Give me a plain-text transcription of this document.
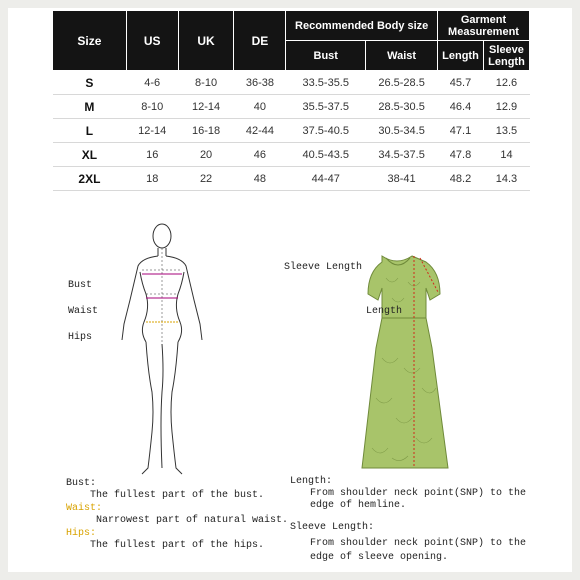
Size	US	UK	DE	Recommended Body size		Garment Measurement	
				Bust	Waist	Length	Sleeve Length
S	4-6	8-10	36-38	33.5-35.5	26.5-28.5	45.7	12.6
M	8-10	12-14	40	35.5-37.5	28.5-30.5	46.4	12.9
L	12-14	16-18	42-44	37.5-40.5	30.5-34.5	47.1	13.5
XL	16	20	46	40.5-43.5	34.5-37.5	47.8	14
2XL	18	22	48	44-47	38-41	48.2	14.3
Bust
Waist
Hips
Sleeve Length
Length
Bust:
The fullest part of the bust.
Waist:
Narrowest part of natural waist.
Hips:
The fullest part of the hips.
Length:
From shoulder neck point(SNP) to the
edge of hemline.
Sleeve Length:
From shoulder neck point(SNP) to the
edge of sleeve opening.
